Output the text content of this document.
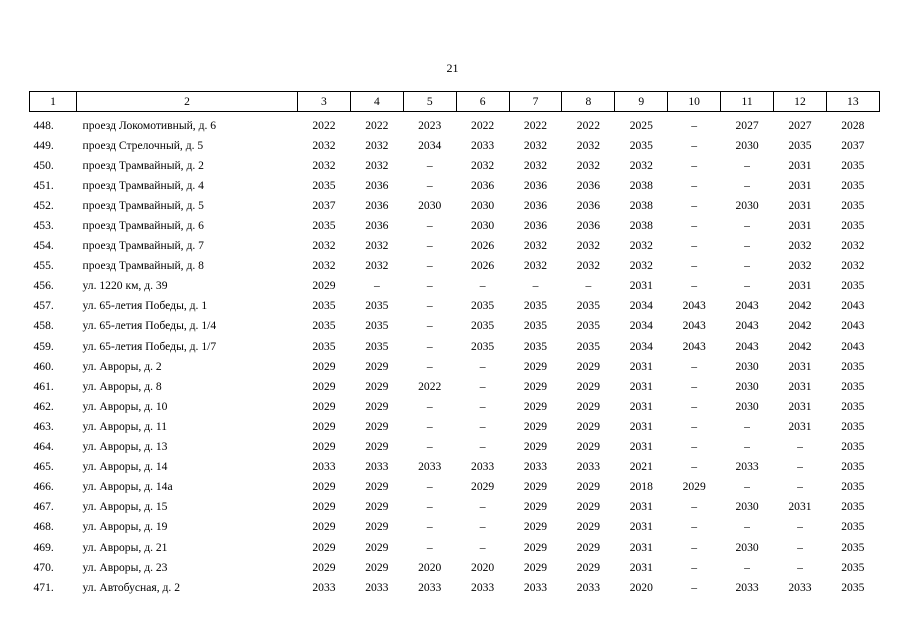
21
1	2	3	4	5	6	7	8	9	10	11	12	13
448.	проезд Локомотивный, д. 6	2022	2022	2023	2022	2022	2022	2025	–	2027	2027	2028
449.	проезд Стрелочный, д. 5	2032	2032	2034	2033	2032	2032	2035	–	2030	2035	2037
450.	проезд Трамвайный, д. 2	2032	2032	–	2032	2032	2032	2032	–	–	2031	2035
451.	проезд Трамвайный, д. 4	2035	2036	–	2036	2036	2036	2038	–	–	2031	2035
452.	проезд Трамвайный, д. 5	2037	2036	2030	2030	2036	2036	2038	–	2030	2031	2035
453.	проезд Трамвайный, д. 6	2035	2036	–	2030	2036	2036	2038	–	–	2031	2035
454.	проезд Трамвайный, д. 7	2032	2032	–	2026	2032	2032	2032	–	–	2032	2032
455.	проезд Трамвайный, д. 8	2032	2032	–	2026	2032	2032	2032	–	–	2032	2032
456.	ул. 1220 км, д. 39	2029	–	–	–	–	–	2031	–	–	2031	2035
457.	ул. 65-летия Победы, д. 1	2035	2035	–	2035	2035	2035	2034	2043	2043	2042	2043
458.	ул. 65-летия Победы, д. 1/4	2035	2035	–	2035	2035	2035	2034	2043	2043	2042	2043
459.	ул. 65-летия Победы, д. 1/7	2035	2035	–	2035	2035	2035	2034	2043	2043	2042	2043
460.	ул. Авроры, д. 2	2029	2029	–	–	2029	2029	2031	–	2030	2031	2035
461.	ул. Авроры, д. 8	2029	2029	2022	–	2029	2029	2031	–	2030	2031	2035
462.	ул. Авроры, д. 10	2029	2029	–	–	2029	2029	2031	–	2030	2031	2035
463.	ул. Авроры, д. 11	2029	2029	–	–	2029	2029	2031	–	–	2031	2035
464.	ул. Авроры, д. 13	2029	2029	–	–	2029	2029	2031	–	–	–	2035
465.	ул. Авроры, д. 14	2033	2033	2033	2033	2033	2033	2021	–	2033	–	2035
466.	ул. Авроры, д. 14а	2029	2029	–	2029	2029	2029	2018	2029	–	–	2035
467.	ул. Авроры, д. 15	2029	2029	–	–	2029	2029	2031	–	2030	2031	2035
468.	ул. Авроры, д. 19	2029	2029	–	–	2029	2029	2031	–	–	–	2035
469.	ул. Авроры, д. 21	2029	2029	–	–	2029	2029	2031	–	2030	–	2035
470.	ул. Авроры, д. 23	2029	2029	2020	2020	2029	2029	2031	–	–	–	2035
471.	ул. Автобусная, д. 2	2033	2033	2033	2033	2033	2033	2020	–	2033	2033	2035
